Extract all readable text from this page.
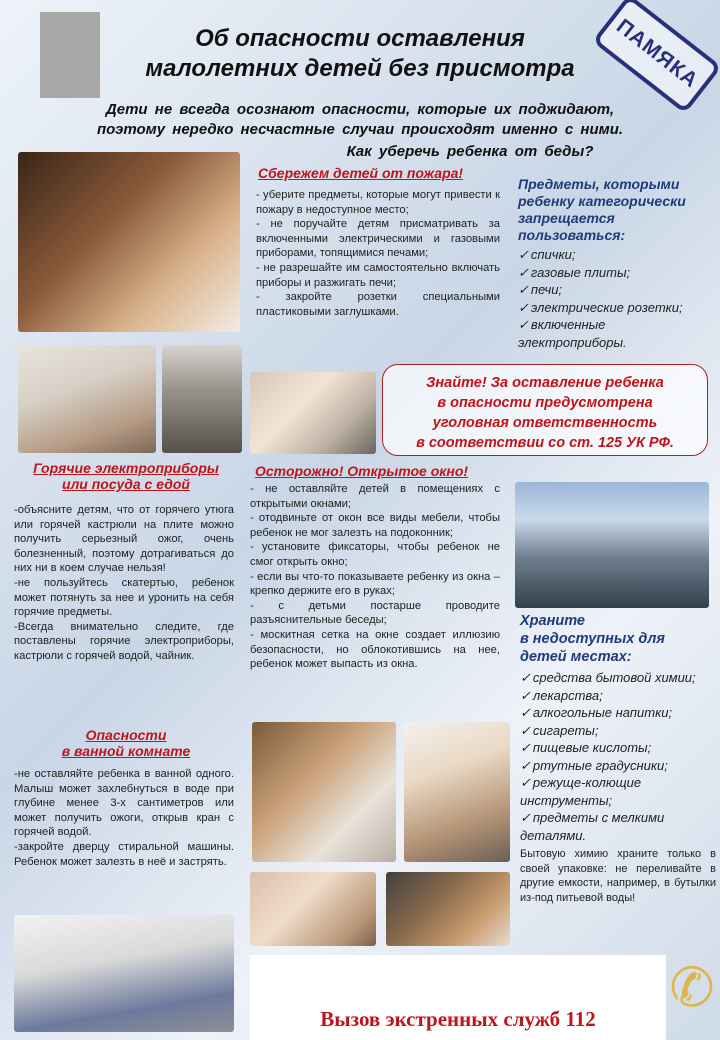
Об опасности оставления
малолетних детей без присмотра	ПАМЯКА
Дети не всегда осознают опасности, которые их поджидают,
поэтому нередко несчастные случаи происходят именно с ними.
Как уберечь ребенка от беды?
Сбережем детей от пожара!

- уберите предметы, которые могут привести к пожару в недоступное место;

- не поручайте детям присматривать за включенными электрическими и газовыми приборами, топящимися печами;

- не разрешайте им самостоятельно включать приборы и разжигать печи;

- закройте розетки специальными пластиковыми заглушками.

Предметы, которыми
ребенку категорически
запрещается
пользоваться:
✓ спички;
✓ газовые плиты;
✓ печи;
✓ электрические розетки;
✓ включенные
электроприборы.
Знайте! За оставление ребенка
в опасности предусмотрена
уголовная ответственность
в соответствии со ст. 125 УК РФ.
Горячие электроприборы
или посуда с едой

-объясните детям, что от горячего утюга или горячей кастрюли на плите можно получить серьезный ожог, очень болезненный, поэтому дотрагиваться до них ни в коем случае нельзя!

-не пользуйтесь скатертью, ребенок может потянуть за нее и уронить на себя горячие предметы.

-Всегда внимательно следите, где поставлены горячие электроприборы, кастрюли с горячей водой, чайник.

Осторожно! Открытое окно!

- не оставляйте детей в помещениях с открытыми окнами;

- отодвиньте от окон все виды мебели, чтобы ребенок не мог залезть на подоконник;

- установите фиксаторы, чтобы ребенок не смог открыть окно;

- если вы что-то показываете ребенку из окна – крепко держите его в руках;

- с детьми постарше проводите разъяснительные беседы;

- москитная сетка на окне создает иллюзию безопасности, но облокотившись на нее, ребенок может выпасть из окна.

Храните
в недоступных для
детей местах:
✓ средства бытовой химии;
✓ лекарства;
✓ алкогольные напитки;
✓ сигареты;
✓ пищевые кислоты;
✓ ртутные градусники;
✓ режуще-колющие инструменты;
✓ предметы с мелкими деталями.
Бытовую химию храните только в своей упаковке: не переливайте в другие емкости, например, в бутылки из-под питьевой воды!
Опасности
в ванной комнате

-не оставляйте ребенка в ванной одного. Малыш может захлебнуться в воде при глубине менее 3-х сантиметров или может получить ожоги, открыв кран с горячей водой.

-закройте дверцу стиральной машины. Ребенок может залезть в неё и застрять.

Вызов экстренных служб 112
✆
